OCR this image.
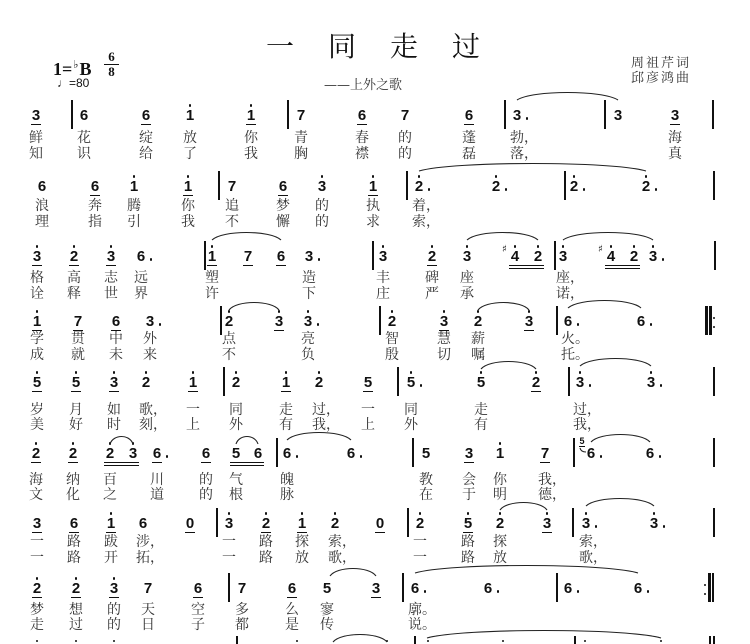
$1=^♭B \frac{6}{8}$
♩=80
一 同 走 过
——上外之歌
周祖芹词
邱彦鸿曲
3	6	6 1	1	7	6 7	6	3	3	3
鲜 花	绽 放	你	青	春 的	蓬 勃，	海
知 识	给 了	我	胸	襟 的	磊 落，	真
6	6 1	1 7	6 3	1	2	2	2	2
浪	奔 腾	你 追	梦 的	执 着，
理	指 引	我 不	懈 的	求 索，
3 2 3 6	1 7 6 3	3	2 3	4
♯ 2 3	4
♯ 2 3
格 高 志 远	塑	造	丰	碑 座	座，
诠 释 世 界	许	下	庄	严 承	诺，
1 7 6 3	2	3 3	2	3 2	3 6	6
学 贯 中 外	点	亮	智	慧 薪	火。
成 就 未 来	不	负	殷	切 嘱	托。
5 5 3 2	1 2	1 2	5 5	5	2 3	3
岁 月 如 歌， 一 同	走 过， 一 同	走	过，
美 好 时 刻， 上 外	有 我， 上 外	有	我，
2 2 2 3 6	6 5 6 6	6	5 3 1 7
5
6	6
海 纳 百 川	的 气	魄	教 会 你 我，
文 化 之 道	的 根	脉	在 于 明 德，
3 6 1 6	0 3 2 1 2 0 2	5 2	3 3	3
一 路 跋 涉，	一 路 探 索，	一 路 探	索，
一 路 开 拓，	一 路 放 歌，	一 路 放	歌，
2 2 3 7	6 7	6 5	3 6	6	6	6
梦 想 的 天	空 多	么 寥	廓。
走 过 的 日	子 都	是 传	说。
